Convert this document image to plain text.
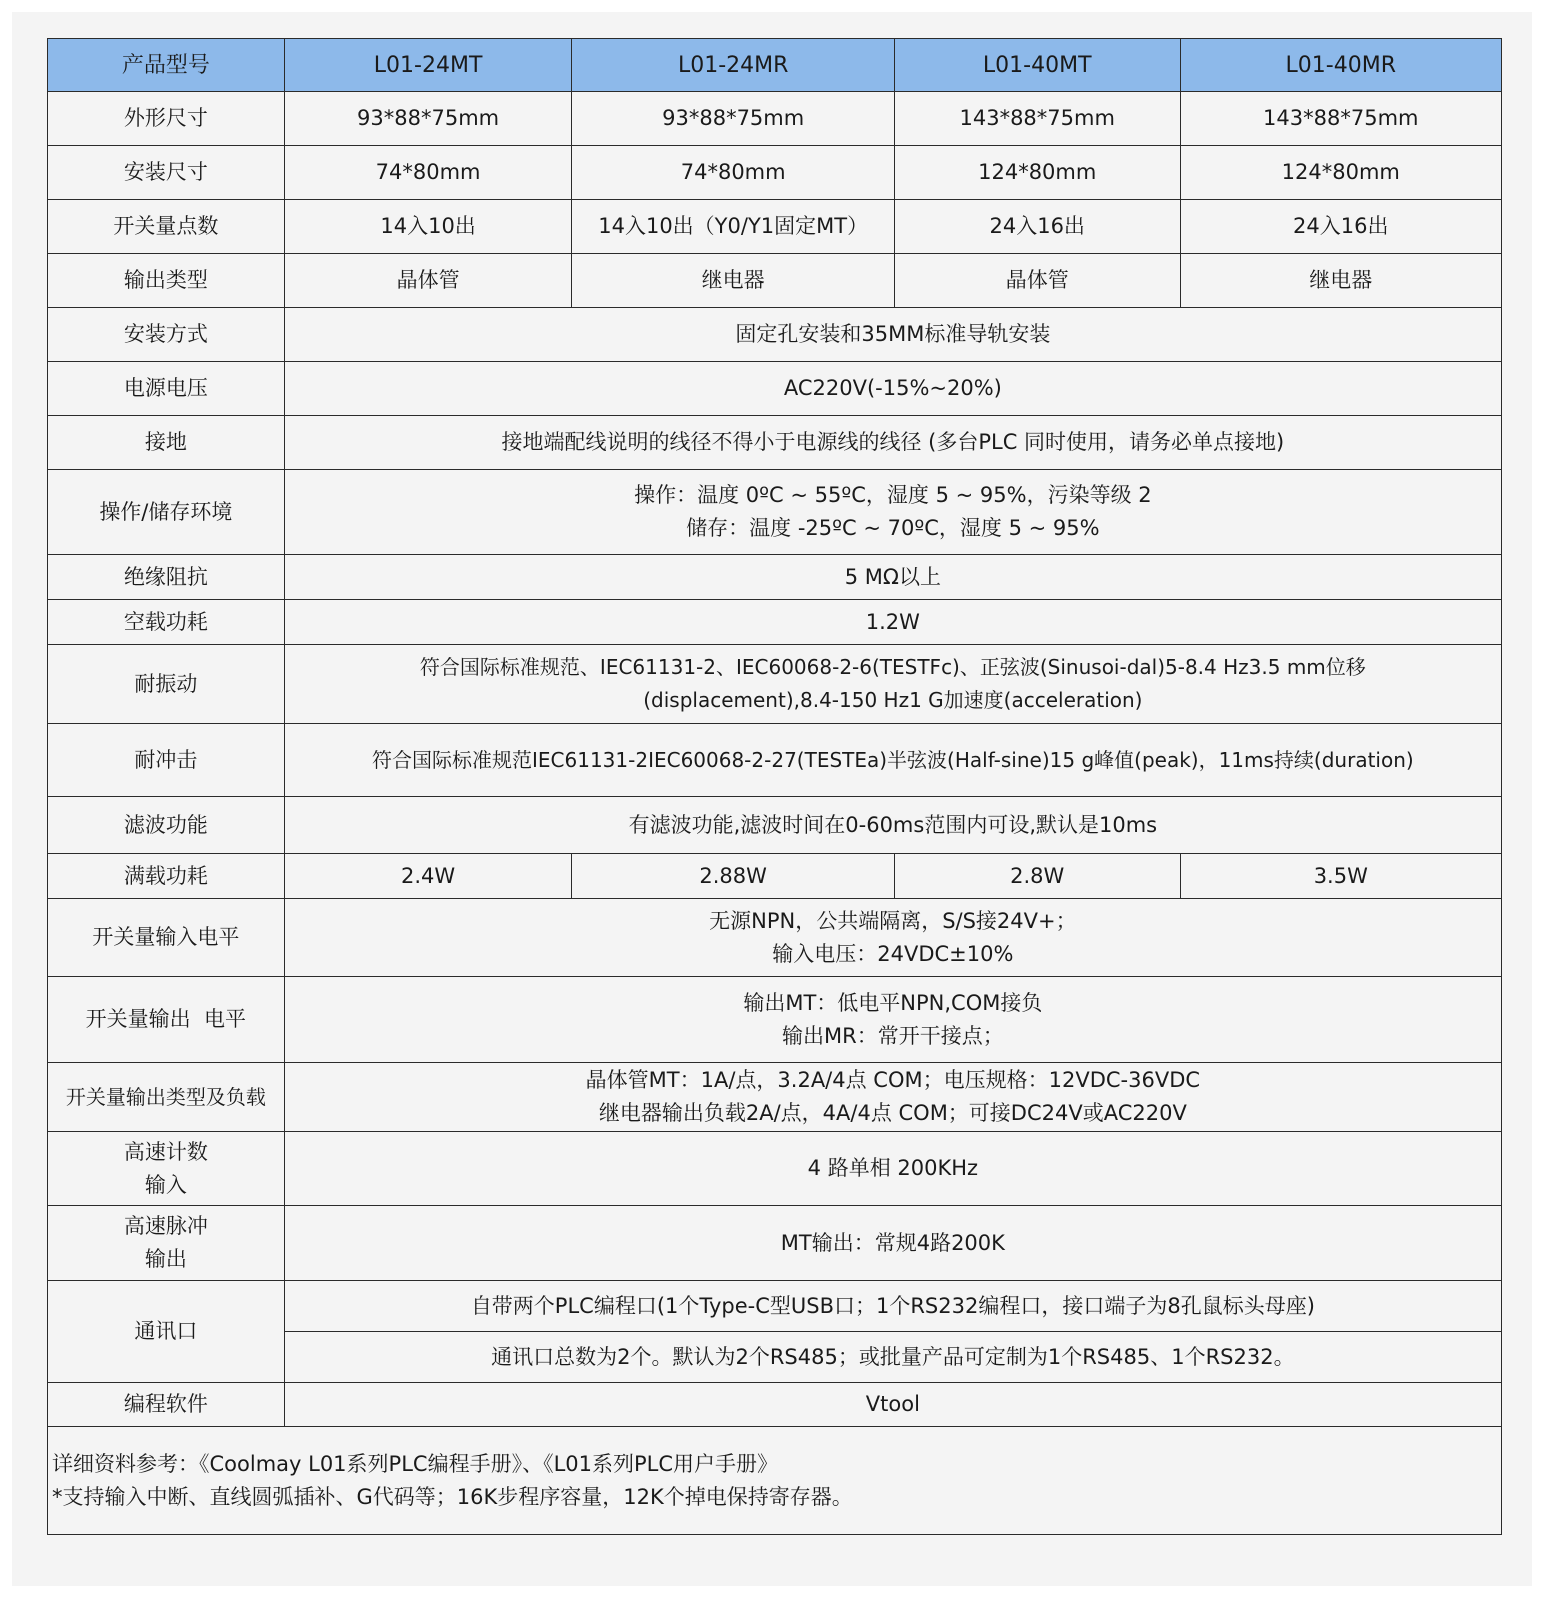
产品型号	L01-24MT	L01-24MR	L01-40MT	L01-40MR
外形尺寸	93*88*75mm	93*88*75mm	143*88*75mm	143*88*75mm
安装尺寸	74*80mm	74*80mm	124*80mm	124*80mm
开关量点数	14入10出	14入10出（Y0/Y1固定MT）	24入16出	24入16出
输出类型	晶体管	继电器	晶体管	继电器
安装方式	固定孔安装和35MM标准导轨安装			
电源电压	AC220V(-15%~20%)			
接地	接地端配线说明的线径不得小于电源线的线径 (多台PLC 同时使用，请务必单点接地)			
操作/储存环境	操作：温度 0ºC ~ 55ºC，湿度 5 ~ 95%，污染等级 2
储存：温度 -25ºC ~ 70ºC，湿度 5 ~ 95%			

绝缘阻抗	5 MΩ以上			
空载功耗	1.2W			
耐振动	符合国际标准规范、IEC61131-2、IEC60068-2-6(TESTFc)、正弦波(Sinusoi-dal)5-8.4 Hz3.5 mm位移
(displacement),8.4-150 Hz1 G加速度(acceleration)			

耐冲击	符合国际标准规范IEC61131-2IEC60068-2-27(TESTEa)半弦波(Half-sine)15 g峰值(peak)，11ms持续(duration)			
滤波功能	有滤波功能,滤波时间在0-60ms范围内可设,默认是10ms			
满载功耗	2.4W	2.88W	2.8W	3.5W
开关量输入电平	无源NPN，公共端隔离，S/S接24V+；
输入电压：24VDC±10%			

开关量输出  电平	输出MT：低电平NPN,COM接负
输出MR：常开干接点；			

开关量输出类型及负载	晶体管MT：1A/点，3.2A/4点 COM；电压规格：12VDC-36VDC
继电器输出负载2A/点，4A/4点 COM；可接DC24V或AC220V			

高速计数
输入	4 路单相 200KHz			

高速脉冲
输出	MT输出：常规4路200K			
通讯口	自带两个PLC编程口(1个Type-C型USB口；1个RS232编程口，接口端子为8孔鼠标头母座)			
	通讯口总数为2个。默认为2个RS485；或批量产品可定制为1个RS485、1个RS232。			
编程软件	Vtool			

详细资料参考：《Coolmay L01系列PLC编程手册》、《L01系列PLC用户手册》
*支持输入中断、直线圆弧插补、G代码等；16K步程序容量，12K个掉电保持寄存器。				
